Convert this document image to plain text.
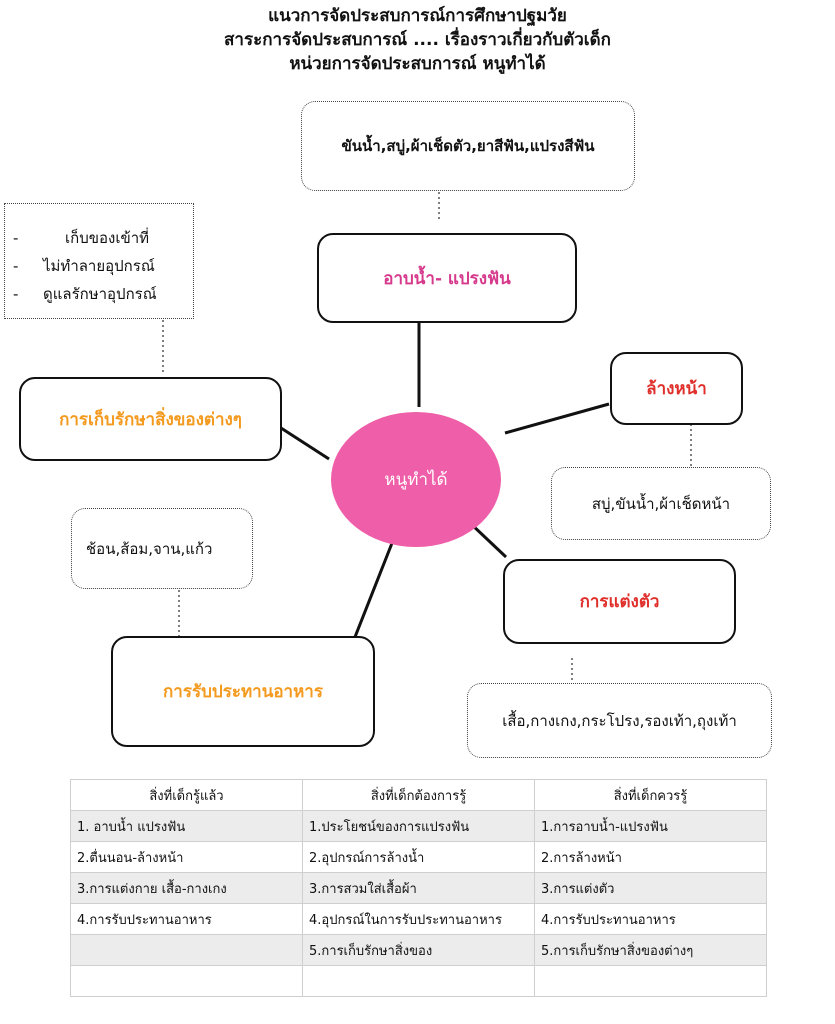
แนวการจัดประสบการณ์การศึกษาปฐมวัย
สาระการจัดประสบการณ์ .... เรื่องราวเกี่ยวกับตัวเด็ก
หน่วยการจัดประสบการณ์ หนูทำได้
ขันน้ำ,สบู่,ผ้าเช็ดตัว,ยาสีฟัน,แปรงสีฟัน
-	เก็บของเข้าที่
-	ไม่ทำลายอุปกรณ์
-	ดูแลรักษาอุปกรณ์
อาบน้ำ- แปรงฟัน
ล้างหน้า
การเก็บรักษาสิ่งของต่างๆ
หนูทำได้
สบู่,ขันน้ำ,ผ้าเช็ดหน้า
ช้อน,ส้อม,จาน,แก้ว
การแต่งตัว
การรับประทานอาหาร
เสื้อ,กางเกง,กระโปรง,รองเท้า,ถุงเท้า
สิ่งที่เด็กรู้แล้ว	สิ่งที่เด็กต้องการรู้	สิ่งที่เด็กควรรู้
1. อาบน้ำ แปรงฟัน	1.ประโยชน์ของการแปรงฟัน	1.การอาบน้ำ-แปรงฟัน
2.ตื่นนอน-ล้างหน้า	2.อุปกรณ์การล้างน้ำ	2.การล้างหน้า
3.การแต่งกาย เสื้อ-กางเกง	3.การสวมใส่เสื้อผ้า	3.การแต่งตัว
4.การรับประทานอาหาร	4.อุปกรณ์ในการรับประทานอาหาร	4.การรับประทานอาหาร
	5.การเก็บรักษาสิ่งของ	5.การเก็บรักษาสิ่งของต่างๆ
